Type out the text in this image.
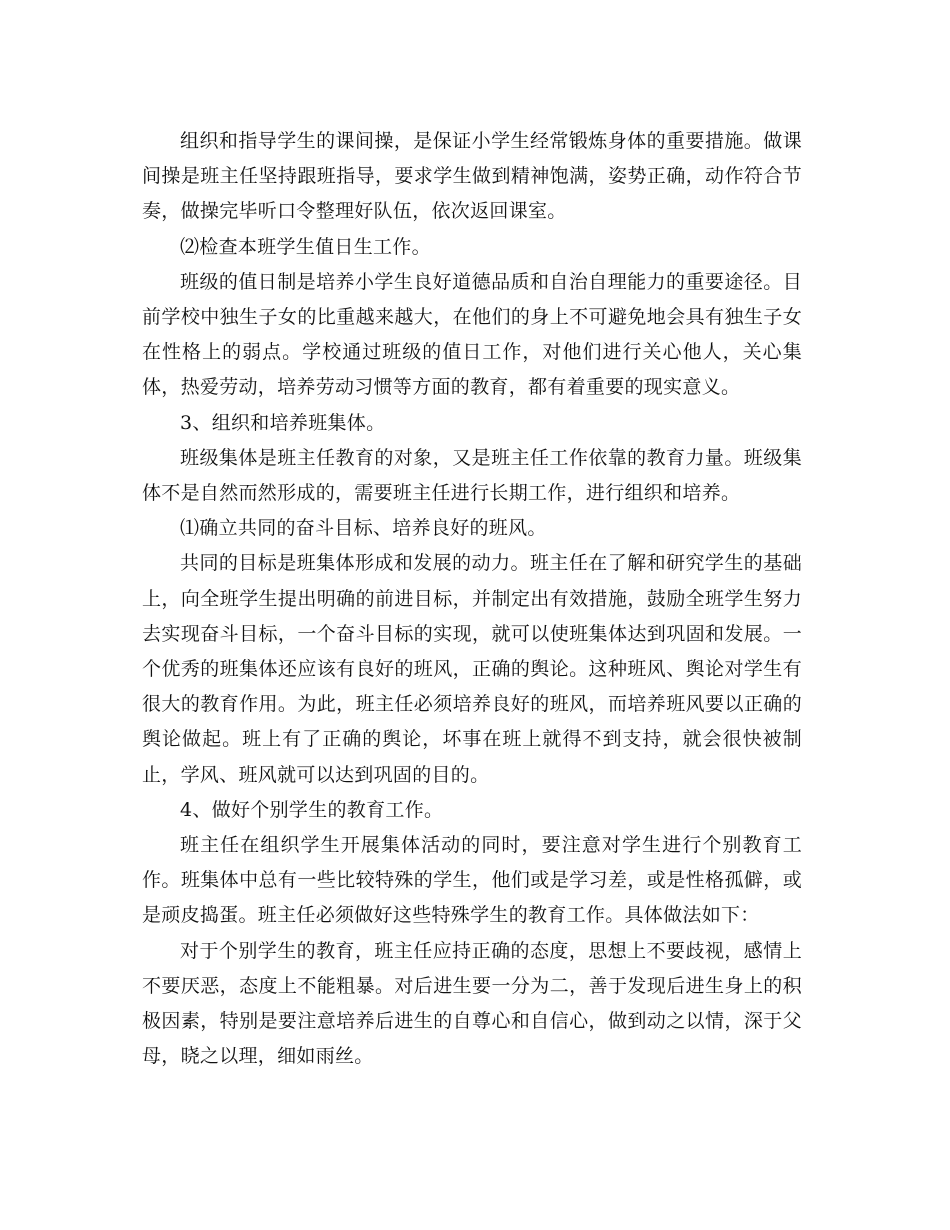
组织和指导学生的课间操，是保证小学生经常锻炼身体的重要措施。做课间操是班主任坚持跟班指导，要求学生做到精神饱满，姿势正确，动作符合节奏，做操完毕听口令整理好队伍，依次返回课室。

⑵检查本班学生值日生工作。

班级的值日制是培养小学生良好道德品质和自治自理能力的重要途径。目前学校中独生子女的比重越来越大，在他们的身上不可避免地会具有独生子女在性格上的弱点。学校通过班级的值日工作，对他们进行关心他人，关心集体，热爱劳动，培养劳动习惯等方面的教育，都有着重要的现实意义。

3、组织和培养班集体。

班级集体是班主任教育的对象，又是班主任工作依靠的教育力量。班级集体不是自然而然形成的，需要班主任进行长期工作，进行组织和培养。

⑴确立共同的奋斗目标、培养良好的班风。

共同的目标是班集体形成和发展的动力。班主任在了解和研究学生的基础上，向全班学生提出明确的前进目标，并制定出有效措施，鼓励全班学生努力去实现奋斗目标，一个奋斗目标的实现，就可以使班集体达到巩固和发展。一个优秀的班集体还应该有良好的班风，正确的舆论。这种班风、舆论对学生有很大的教育作用。为此，班主任必须培养良好的班风，而培养班风要以正确的舆论做起。班上有了正确的舆论，坏事在班上就得不到支持，就会很快被制止，学风、班风就可以达到巩固的目的。

4、做好个别学生的教育工作。

班主任在组织学生开展集体活动的同时，要注意对学生进行个别教育工作。班集体中总有一些比较特殊的学生，他们或是学习差，或是性格孤僻，或是顽皮捣蛋。班主任必须做好这些特殊学生的教育工作。具体做法如下：

对于个别学生的教育，班主任应持正确的态度，思想上不要歧视，感情上不要厌恶，态度上不能粗暴。对后进生要一分为二，善于发现后进生身上的积极因素，特别是要注意培养后进生的自尊心和自信心，做到动之以情，深于父母，晓之以理，细如雨丝。
